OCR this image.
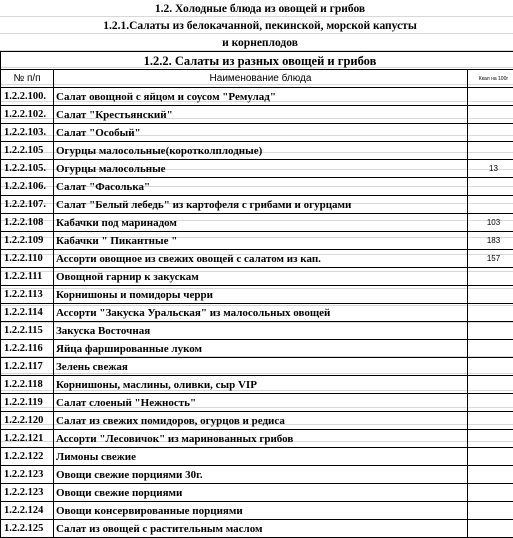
1.2. Холодные блюда из овощей и грибов		
1.2.1.Салаты из белокачанной, пекинской, морской капусты		
и корнеплодов		
1.2.2. Салаты из разных овощей и грибов		
№ п/п	Наименование блюда	Ккал на 100г
1.2.2.100.	Салат овощной с яйцом и соусом "Ремулад"	
1.2.2.102.	Салат "Крестьянский"	
1.2.2.103.	Салат "Особый"	
1.2.2.105	Огурцы малосольные(коротколплодные)	
1.2.2.105.	Огурцы малосольные	13
1.2.2.106.	Салат "Фасолька"	
1.2.2.107.	Салат "Белый лебедь" из картофеля с грибами и огурцами	
1.2.2.108	Кабачки под маринадом	103
1.2.2.109	Кабачки " Пикантные "	183
1.2.2.110	Ассорти овощное из свежих овощей с салатом из кап.	157
1.2.2.111	Овощной гарнир к закускам	
1.2.2.113	Корнишоны и помидоры черри	
1.2.2.114	Ассорти "Закуска Уральская" из малосольных овощей	
1.2.2.115	Закуска Восточная	
1.2.2.116	Яйца фаршированные луком	
1.2.2.117	Зелень свежая	
1.2.2.118	Корнишоны, маслины, оливки, сыр VIP	
1.2.2.119	Салат слоеный "Нежность"	
1.2.2.120	Салат из свежих помидоров, огурцов и редиса	
1.2.2.121	Ассорти "Лесовичок" из маринованных грибов	
1.2.2.122	Лимоны свежие	
1.2.2.123	Овощи свежие порциями 30г.	
1.2.2.123	Овощи свежие порциями	
1.2.2.124	Овощи консервированные порциями	
1.2.2.125	Салат из овощей с растительным маслом	
